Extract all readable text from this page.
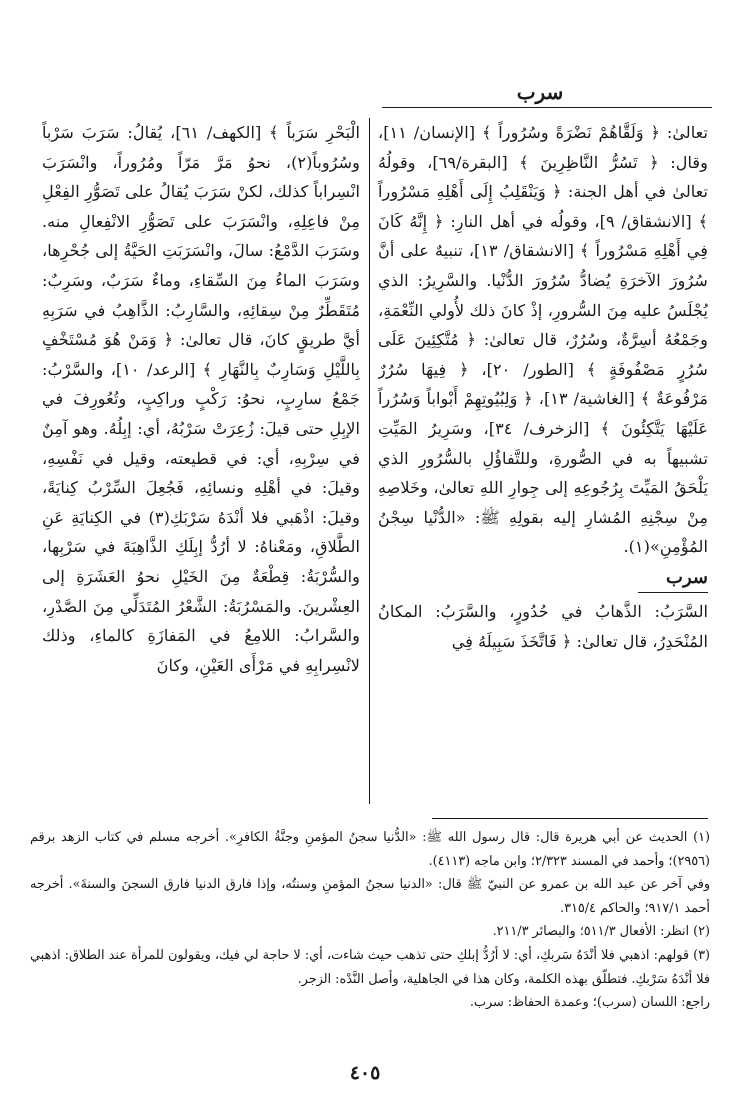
سرب

تعالىٰ: ﴿ وَلَقَّاهُمْ نَضْرَةً وسُرُوراً ﴾ [الإنسان/ ١١]، وقال: ﴿ تَسُرُّ النَّاظِرِينَ ﴾ [البقرة/٦٩]، وقولُهُ تعالىٰ في أهل الجنة: ﴿ وَيَنْقَلِبُ إِلَى أَهْلِهِ مَسْرُوراً ﴾ [الانشقاق/ ٩]، وقولُه في أهل النارِ: ﴿ إِنَّهُ كَانَ فِي أَهْلِهِ مَسْرُوراً ﴾ [الانشقاق/ ١٣]، تنبيهٌ على أنَّ سُرُورَ الآخرَةِ يُضادُّ سُرُورَ الدُّنْيا. والسَّرِيرُ: الذي يُجْلَسُ عليه مِنَ السُّرورِ، إذْ كانَ ذلك لأُولي النِّعْمَةِ، وجَمْعُهُ أسِرَّةٌ، وسُرُرٌ، قال تعالىٰ: ﴿ مُتَّكِئِينَ عَلَى سُرُرٍ مَصْفُوفَةٍ ﴾ [الطور/ ٢٠]، ﴿ فِيهَا سُرُرٌ مَرْفُوعَةٌ ﴾ [الغاشية/ ١٣]، ﴿ وَلِبُيُوتِهِمْ أَبْواباً وَسُرُراً عَلَيْهَا يَتَّكِئُونَ ﴾ [الزخرف/ ٣٤]، وسَرِيرُ المَيِّتِ تشبيهاً به في الصُّورةِ، وللتَّفاؤُلِ بالسُّرُورِ الذي يَلْحَقُ المَيِّتَ بِرُجُوعِهِ إلى جِوارِ اللهِ تعالىٰ، وخَلاصِهِ مِنْ سِجْنِهِ المُشارِ إليه بقولِهِ ﷺ: «الدُّنْيا سِجْنُ المُؤْمِنِ»(١).

سرب

السَّرَبُ: الذَّهابُ في حُدُورٍ، والسَّرَبُ: المكانُ المُنْحَدِرُ، قال تعالىٰ: ﴿ فَاتَّخَذَ سَبِيلَهُ فِي

الْبَحْرِ سَرَباً ﴾ [الكهف/ ٦١]، يُقالُ: سَرَبَ سَرْباً وسُرُوباً(٢)، نحوُ مَرَّ مَرّاً ومُرُوراً، وانْسَرَبَ انْسِراباً كذلك، لكنْ سَرَبَ يُقالُ على تَصَوُّرِ الفِعْلِ مِنْ فاعِلِهِ، وانْسَرَبَ على تَصَوُّرِ الانْفِعالِ منه. وسَرَبَ الدَّمْعُ: سالَ، وانْسَرَبَتِ الحَيَّةُ إلى جُحْرِها، وسَرَبَ الماءُ مِنَ السِّقاءِ، وماءٌ سَرَبٌ، وسَرِبٌ: مُتَقَطِّرٌ مِنْ سِقائِهِ، والسَّارِبُ: الذَّاهِبُ في سَرَبِهِ أيَّ طريقٍ كانَ، قال تعالىٰ: ﴿ وَمَنْ هُوَ مُسْتَخْفٍ بِاللَّيْلِ وَسَارِبٌ بِالنَّهَارِ ﴾ [الرعد/ ١٠]، والسَّرْبُ: جَمْعُ سارِبٍ، نحوُ: رَكْبٍ وراكِبٍ، وتُعُورِفَ في الإبِلِ حتى قيلَ: زُعِرَتْ سَرْبُهُ، أي: إبِلُهُ. وهو آمِنٌ في سِرْبِهِ، أي: في قطيعته، وقيل في نَفْسِهِ، وقيلَ: في أهْلِهِ ونسائِهِ، فَجُعِلَ السِّرْبُ كِنايَةً، وقيلَ: اذْهَبي فلا أنْدَهُ سَرْبَكِ(٣) في الكِنايَةِ عَنِ الطَّلاقِ، ومَعْناهُ: لا أرُدُّ إبِلَكِ الذَّاهِبَةَ في سَرْبِها، والسُّرْبَةُ: قِطْعَةٌ مِنَ الخَيْلِ نحوُ العَشَرَةِ إلى العِشْرينَ. والمَسْرُبَةُ: الشَّعْرُ المُتَدَلِّي مِنَ الصَّدْرِ، والسَّرابُ: اللامِعُ في المَفازَةِ كالماءِ، وذلك لانْسِرابِهِ في مَرْأَى العَيْنِ، وكانَ

(١) الحديث عن أبي هريرة قال: قال رسول الله ﷺ: «الدُّنيا سجنُ المؤمنِ وجنَّةُ الكافرِ». أخرجه مسلم في كتاب الزهد برقم (٢٩٥٦)؛ وأحمد في المسند ٢/٣٢٣؛ وابن ماجه (٤١١٣).

وفي آخر عن عبد الله بن عمرو عن النبيّ ﷺ قال: «الدنيا سجنُ المؤمنِ وسنتُه، وإذا فارق الدنيا فارق السجنَ والسنةَ». أخرجه أحمد ٩١٧/١؛ والحاكم ٣١٥/٤.

(٢) انظر: الأفعال ٥١١/٣؛ والبصائر ٢١١/٣.

(٣) قولهم: اذهبي فلا أنْدَهُ سَربكِ، أي: لا أرُدُّ إبلكِ حتى تذهب حيث شاءت، أي: لا حاجة لي فيك، ويقولون للمرأة عند الطلاق: اذهبي فلا أنْدَهُ سَرْبكِ. فتطلّق بهذه الكلمة، وكان هذا في الجاهلية، وأصل النَّدْه: الزجر.

راجع: اللسان (سرب)؛ وعمدة الحفاظ: سرب.

٤٠٥
